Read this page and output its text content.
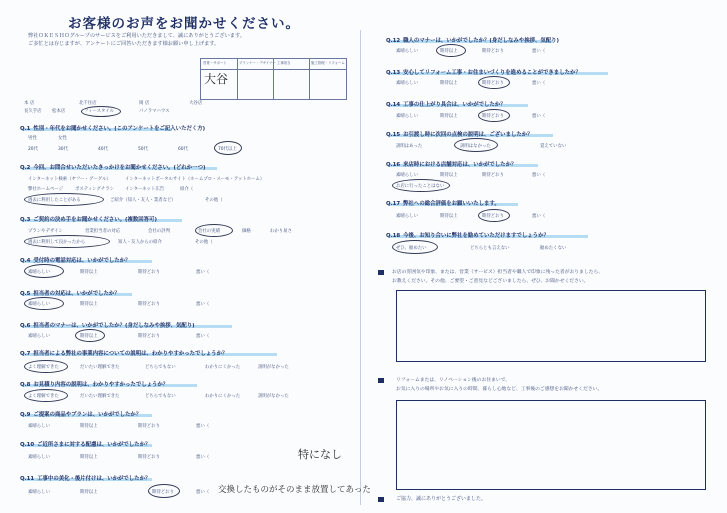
お客様のお声をお聞かせください。
弊社ＯＫＥＳＨＯグループのサービスをご利用いただきまして、誠にありがとうございます。
ご多忙とは存じますが、アンケートにご回答いただきます様お願い申し上げます。
営業・サポート	プランナー・デザイナー 工事担当	施工管理・リフォーム
大谷
本 店	北千住店	岡 店	大谷店
長久手店 松本店	フィースタイル	パノラマハウス
Q.1 性別・年代をお聞かせください。(このアンケートをご記入いただく方)
男性	女性
20代	30代	40代	50代	60代	70代以上
Q.2 今回、お問合せいただいたきっかけをお聞かせください。(どれか一つ)
インターネット検索（ヤフー・グーグル）	インターネットポータルサイト（ホームプロ・スーモ・アットホーム）
弊社ホームページ	ポスティングチラシ	インターネット広告	紹介（
過去に利用したことがある	ご紹介（知人・友人・業者など）	その他（
Q.3 ご契約の決め手をお聞かせください。(複数回答可)
プランやデザイン	営業担当者の対応	会社の評判	会社の実績	価格	わかり易さ
過去に利用して良かったから	知人・友人からの紹介	その他（
Q.4 受付時の電話対応は、いかがでしたか？
素晴らしい	期待以上	期待どおり	悪い（
Q.5 担当者の対応は、いかがでしたか？
素晴らしい	期待以上	期待どおり	悪い（
Q.6 担当者のマナーは、いかがでしたか？(身だしなみや挨拶、気配り)
素晴らしい	期待以上	期待どおり	悪い（
Q.7 担当者による弊社の事業内容についての説明は、わかりやすかったでしょうか？
よく理解できた	だいたい理解できた	どちらでもない	わかりにくかった	説明がなかった
Q.8 お見積り内容の説明は、わかりやすかったでしょうか？
よく理解できた	だいたい理解できた	どちらでもない	わかりにくかった	説明がなかった
Q.9 ご提案の商品やプランは、いかがでしたか？
素晴らしい	期待以上	期待どおり	悪い（
Q.10 ご近所さまに対する配慮は、いかがでしたか？
素晴らしい	期待以上	期待どおり	悪い（	特になし
Q.11 工事中の美化・後片付けは、いかがでしたか？
素晴らしい	期待以上	期待どおり	悪い（ 交換したものがそのまま放置してあった
Q.12 職人のマナーは、いかがでしたか？(身だしなみや挨拶、気配り)
素晴らしい	期待以上	期待どおり	悪い（
Q.13 安心してリフォーム工事・お住まいづくりを進めることができましたか？
素晴らしい	期待以上	期待どおり	悪い（
Q.14 工事の仕上がり具合は、いかがでしたか？
素晴らしい	期待以上	期待どおり	悪い（
Q.15 お引渡し時に次回の点検の説明は、ございましたか？
説明はあった	説明はなかった	覚えていない
Q.16 来店時における店舗対応は、いかがでしたか？
素晴らしい	期待以上	期待どおり	悪い（
お店に行ったことはない
Q.17 弊社への総合評価をお願いいたします。
素晴らしい	期待以上	期待どおり	悪い（
Q.18 今後、お知り合いに弊社を勧めていただけますでしょうか？
ぜひ、勧めたい	どちらとも言えない	勧めたくない
お店の雰囲気や印象、または、営業（サービス）担当者や職人で印象に残った者がおりましたら、
お教えください。その他、ご要望・ご意見などございましたら、ぜひ、お聞かせください。
リフォームまたは、リノベーション後のお住まいで、
お気に入りの場所やお気に入りの時間、暮らし心地など、工事後のご感想をお聞かせください。
ご協力、誠にありがとうございました。
